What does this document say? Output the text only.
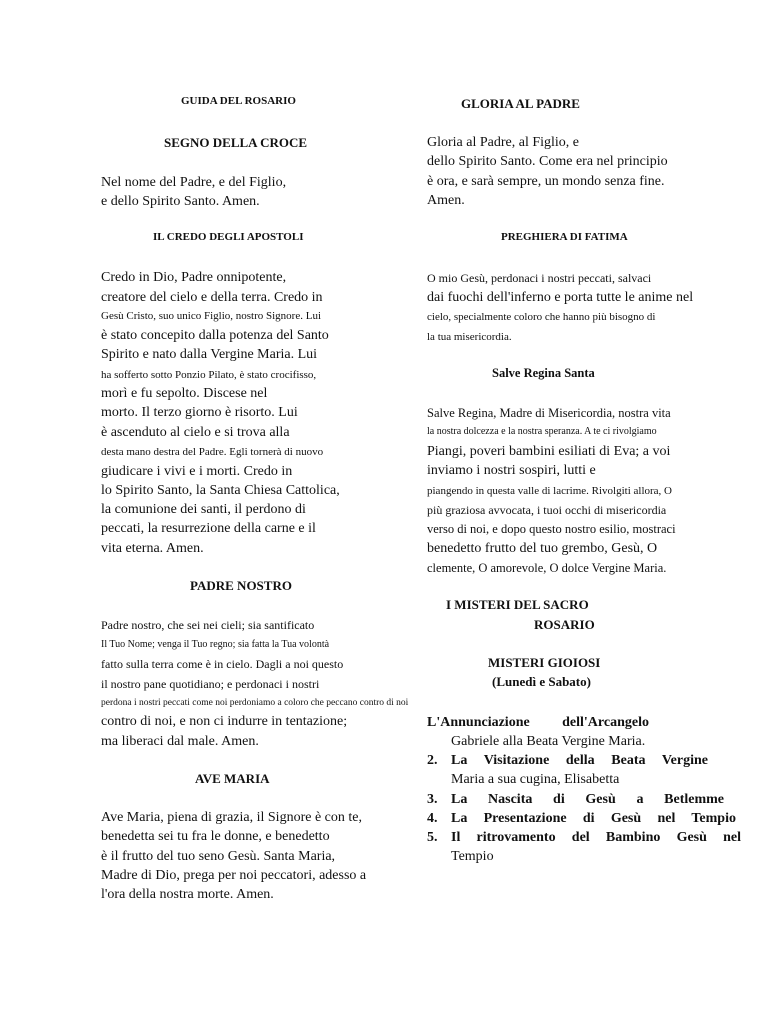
GUIDA DEL ROSARIO
SEGNO DELLA CROCE
Nel nome del Padre, e del Figlio,
e dello Spirito Santo. Amen.
IL CREDO DEGLI APOSTOLI
Credo in Dio, Padre onnipotente,
creatore del cielo e della terra. Credo in
Gesù Cristo, suo unico Figlio, nostro Signore. Lui
è stato concepito dalla potenza del Santo
Spirito e nato dalla Vergine Maria. Lui
ha sofferto sotto Ponzio Pilato, è stato crocifisso,
morì e fu sepolto. Discese nel
morto. Il terzo giorno è risorto. Lui
è ascenduto al cielo e si trova alla
desta mano destra del Padre. Egli tornerà di nuovo
giudicare i vivi e i morti. Credo in
lo Spirito Santo, la Santa Chiesa Cattolica,
la comunione dei santi, il perdono di
peccati, la resurrezione della carne e il
vita eterna. Amen.
PADRE NOSTRO
Padre nostro, che sei nei cieli; sia santificato
Il Tuo Nome; venga il Tuo regno; sia fatta la Tua volontà
fatto sulla terra come è in cielo. Dagli a noi questo
il nostro pane quotidiano; e perdonaci i nostri
perdona i nostri peccati come noi perdoniamo a coloro che peccano contro di noi
contro di noi, e non ci indurre in tentazione;
ma liberaci dal male. Amen.
AVE MARIA
Ave Maria, piena di grazia, il Signore è con te,
benedetta sei tu fra le donne, e benedetto
è il frutto del tuo seno Gesù. Santa Maria,
Madre di Dio, prega per noi peccatori, adesso a
l'ora della nostra morte. Amen.
GLORIA AL PADRE
Gloria al Padre, al Figlio, e
dello Spirito Santo. Come era nel principio
è ora, e sarà sempre, un mondo senza fine.
Amen.
PREGHIERA DI FATIMA
O mio Gesù, perdonaci i nostri peccati, salvaci
dai fuochi dell'inferno e porta tutte le anime nel
cielo, specialmente coloro che hanno più bisogno di
la tua misericordia.
Salve Regina Santa
Salve Regina, Madre di Misericordia, nostra vita
la nostra dolcezza e la nostra speranza. A te ci rivolgiamo
Piangi, poveri bambini esiliati di Eva; a voi
inviamo i nostri sospiri, lutti e
piangendo in questa valle di lacrime. Rivolgiti allora, O
più graziosa avvocata, i tuoi occhi di misericordia
verso di noi, e dopo questo nostro esilio, mostraci
benedetto frutto del tuo grembo, Gesù, O
clemente, O amorevole, O dolce Vergine Maria.
I MISTERI DEL SACRO
ROSARIO
MISTERI GIOIOSI
(Lunedì e Sabato)
L'Annunciazione dell'Arcangelo
Gabriele alla Beata Vergine Maria.
2. La Visitazione della Beata Vergine
Maria a sua cugina, Elisabetta
3. La Nascita di Gesù a Betlemme
4. La Presentazione di Gesù nel Tempio
5. Il ritrovamento del Bambino Gesù nel
Tempio
